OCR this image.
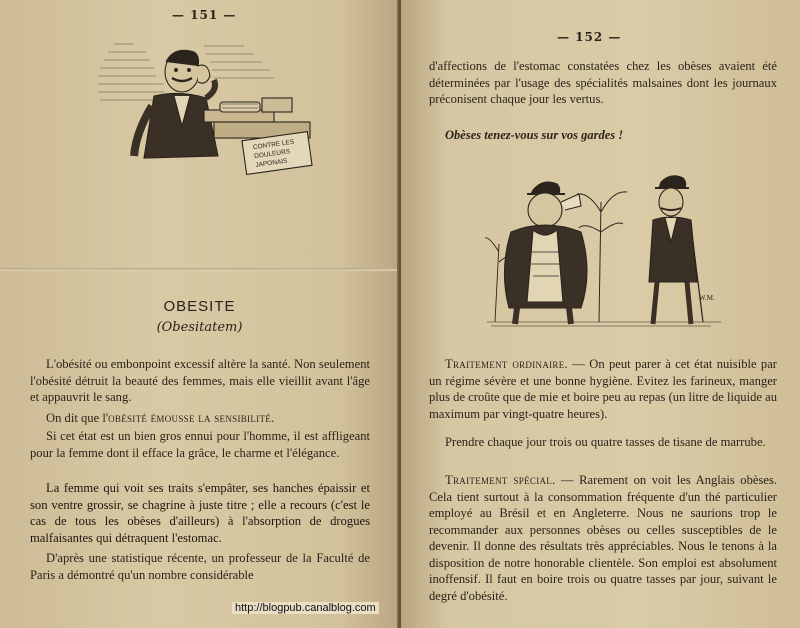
— 151 —
CONTRE LES
DOULEURS
JAPONAIS
OBESITE
(Obesitatem)

L'obésité ou embonpoint excessif altère la santé. Non seulement l'obésité détruit la beauté des femmes, mais elle vieillit avant l'âge et appauvrit le sang.

On dit que l'obésité émousse la sensibilité.

Si cet état est un bien gros ennui pour l'homme, il est affligeant pour la femme dont il efface la grâce, le charme et l'élégance.

La femme qui voit ses traits s'empâter, ses hanches épaissir et son ventre grossir, se chagrine à juste titre ; elle a recours (c'est le cas de tous les obèses d'ailleurs) à l'absorption de drogues malfaisantes qui détraquent l'estomac.

D'après une statistique récente, un professeur de la Faculté de Paris a démontré qu'un nombre considérable

— 152 —

d'affections de l'estomac constatées chez les obèses avaient été déterminées par l'usage des spécialités malsaines dont les journaux préconisent chaque jour les vertus.

Obèses tenez-vous sur vos gardes !
W.M.

Traitement ordinaire. — On peut parer à cet état nuisible par un régime sévère et une bonne hygiène. Evitez les farineux, manger plus de croûte que de mie et boire peu au repas (un litre de liquide au maximum par vingt-quatre heures).

Prendre chaque jour trois ou quatre tasses de tisane de marrube.

Traitement spécial. — Rarement on voit les Anglais obèses. Cela tient surtout à la consommation fréquente d'un thé particulier employé au Brésil et en Angleterre. Nous ne saurions trop le recommander aux personnes obèses ou celles susceptibles de le devenir. Il donne des résultats très appréciables. Nous le tenons à la disposition de notre honorable clientèle. Son emploi est absolument inoffensif. Il faut en boire trois ou quatre tasses par jour, suivant le degré d'obésité.

http://blogpub.canalblog.com
